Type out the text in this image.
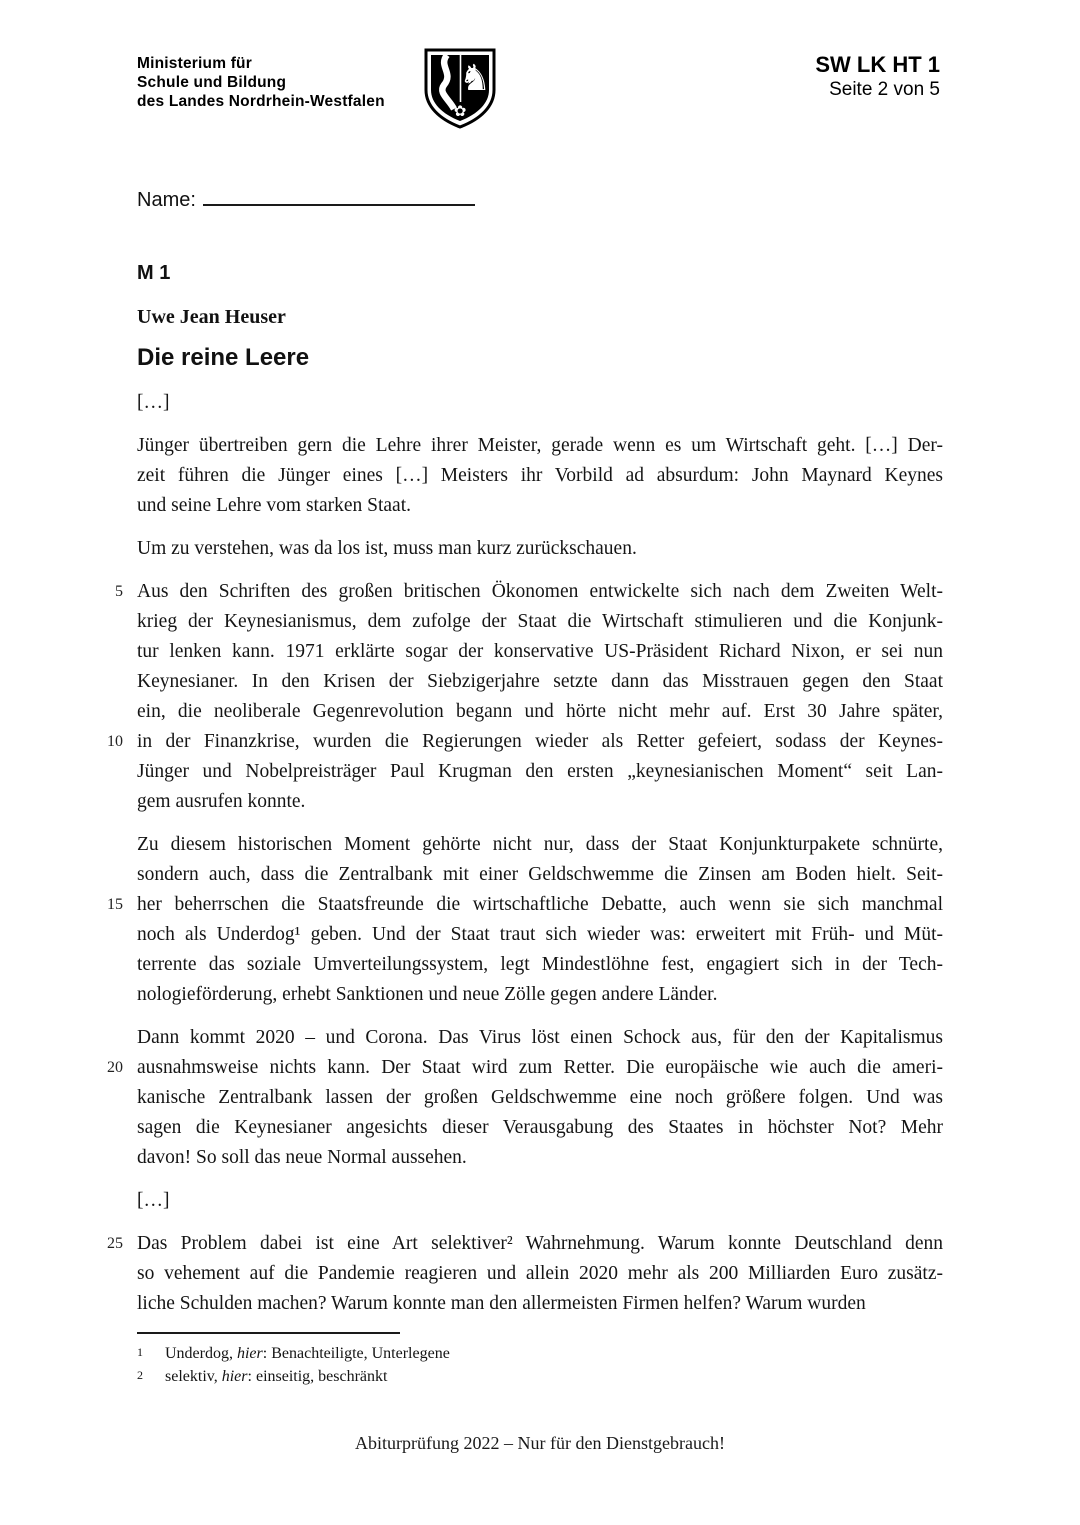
Ministerium für
Schule und Bildung
des Landes Nordrhein-Westfalen
♞
✿
SW LK HT 1
Seite 2 von 5
Name:
M 1
Uwe Jean Heuser
Die reine Leere
[…]
Jünger übertreiben gern die Lehre ihrer Meister, gerade wenn es um Wirtschaft geht. […] Der-
zeit führen die Jünger eines […] Meisters ihr Vorbild ad absurdum: John Maynard Keynes
und seine Lehre vom starken Staat.
Um zu verstehen, was da los ist, muss man kurz zurückschauen.
5
10
Aus den Schriften des großen britischen Ökonomen entwickelte sich nach dem Zweiten Welt-
krieg der Keynesianismus, dem zufolge der Staat die Wirtschaft stimulieren und die Konjunk-
tur lenken kann. 1971 erklärte sogar der konservative US-Präsident Richard Nixon, er sei nun
Keynesianer. In den Krisen der Siebzigerjahre setzte dann das Misstrauen gegen den Staat
ein, die neoliberale Gegenrevolution begann und hörte nicht mehr auf. Erst 30 Jahre später,
in der Finanzkrise, wurden die Regierungen wieder als Retter gefeiert, sodass der Keynes-
Jünger und Nobelpreisträger Paul Krugman den ersten „keynesianischen Moment“ seit Lan-
gem ausrufen konnte.
15
Zu diesem historischen Moment gehörte nicht nur, dass der Staat Konjunkturpakete schnürte,
sondern auch, dass die Zentralbank mit einer Geldschwemme die Zinsen am Boden hielt. Seit-
her beherrschen die Staatsfreunde die wirtschaftliche Debatte, auch wenn sie sich manchmal
noch als Underdog¹ geben. Und der Staat traut sich wieder was: erweitert mit Früh- und Müt-
terrente das soziale Umverteilungssystem, legt Mindestlöhne fest, engagiert sich in der Tech-
nologieförderung, erhebt Sanktionen und neue Zölle gegen andere Länder.
20
Dann kommt 2020 – und Corona. Das Virus löst einen Schock aus, für den der Kapitalismus
ausnahmsweise nichts kann. Der Staat wird zum Retter. Die europäische wie auch die ameri-
kanische Zentralbank lassen der großen Geldschwemme eine noch größere folgen. Und was
sagen die Keynesianer angesichts dieser Verausgabung des Staates in höchster Not? Mehr
davon! So soll das neue Normal aussehen.
[…]
25 Das Problem dabei ist eine Art selektiver² Wahrnehmung. Warum konnte Deutschland denn
so vehement auf die Pandemie reagieren und allein 2020 mehr als 200 Milliarden Euro zusätz-
liche Schulden machen? Warum konnte man den allermeisten Firmen helfen? Warum wurden
1	Underdog, hier: Benachteiligte, Unterlegene
2	selektiv, hier: einseitig, beschränkt
Abiturprüfung 2022 – Nur für den Dienstgebrauch!
